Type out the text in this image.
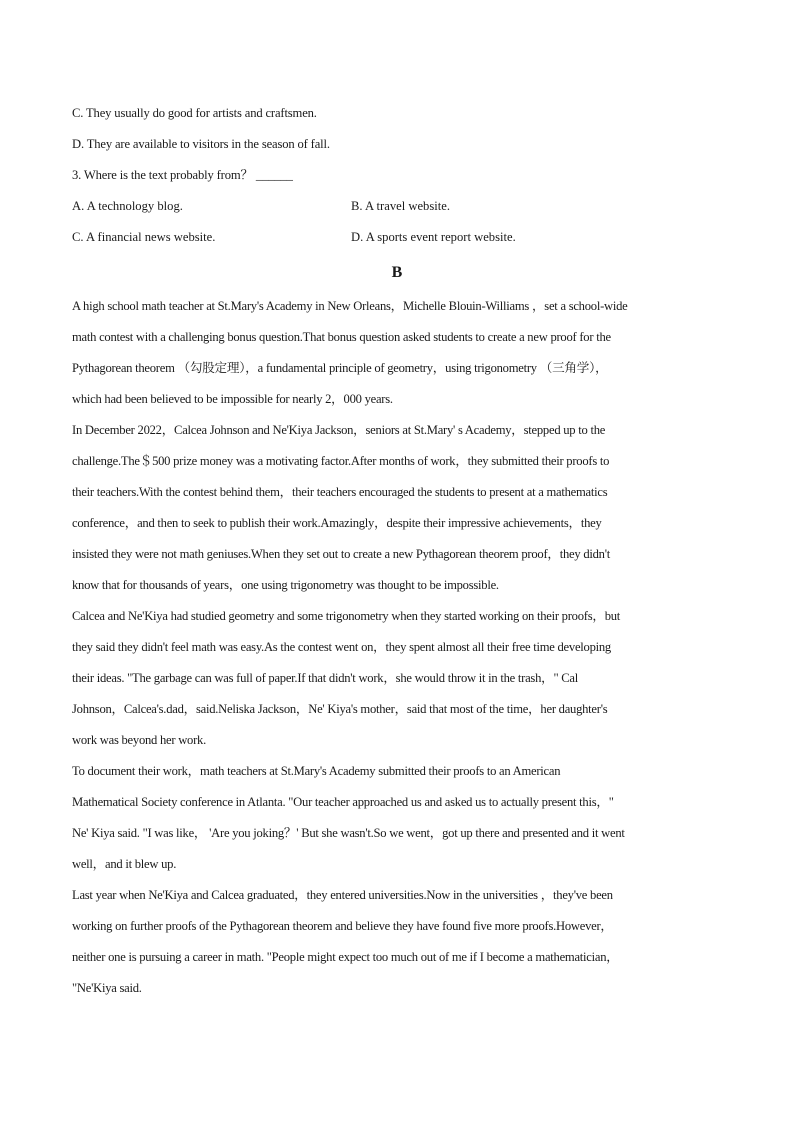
C. They usually do good for artists and craftsmen.
D. They are available to visitors in the season of fall.
3. Where is the text probably from？ ______
A. A technology blog.	B. A travel website.
C. A financial news website.	D. A sports event report website.
B
A high school math teacher at St.Mary's Academy in New Orleans，Michelle Blouin-Williams ，set a school-wide
math contest with a challenging bonus question.That bonus question asked students to create a new proof for the
Pythagorean theorem （勾股定理），a fundamental principle of geometry，using trigonometry （三角学），
which had been believed to be impossible for nearly 2，000 years.
In December 2022，Calcea Johnson and Ne'Kiya Jackson，seniors at St.Mary' s Academy，stepped up to the
challenge.The＄500 prize money was a motivating factor.After months of work，they submitted their proofs to
their teachers.With the contest behind them，their teachers encouraged the students to present at a mathematics
conference，and then to seek to publish their work.Amazingly，despite their impressive achievements，they
insisted they were not math geniuses.When they set out to create a new Pythagorean theorem proof，they didn't
know that for thousands of years，one using trigonometry was thought to be impossible.
Calcea and Ne'Kiya had studied geometry and some trigonometry when they started working on their proofs，but
they said they didn't feel math was easy.As the contest went on，they spent almost all their free time developing
their ideas. "The garbage can was full of paper.If that didn't work，she would throw it in the trash，" Cal
Johnson，Calcea's.dad，said.Neliska Jackson，Ne' Kiya's mother，said that most of the time，her daughter's
work was beyond her work.
To document their work，math teachers at St.Mary's Academy submitted their proofs to an American
Mathematical Society conference in Atlanta. "Our teacher approached us and asked us to actually present this，"
Ne' Kiya said. "I was like， 'Are you joking？' But she wasn't.So we went，got up there and presented and it went
well，and it blew up.
Last year when Ne'Kiya and Calcea graduated，they entered universities.Now in the universities ，they've been
working on further proofs of the Pythagorean theorem and believe they have found five more proofs.However，
neither one is pursuing a career in math. "People might expect too much out of me if I become a mathematician，
"Ne'Kiya said.
